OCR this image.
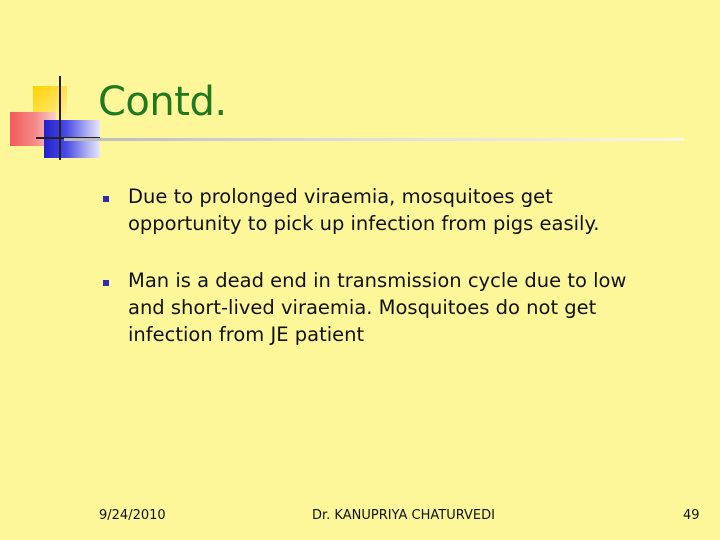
Contd.
Due to prolonged viraemia, mosquitoes get opportunity to pick up infection from pigs easily.
Man is a dead end in transmission cycle due to low and short-lived viraemia. Mosquitoes do not get infection from JE patient
9/24/2010	Dr. KANUPRIYA CHATURVEDI	49
